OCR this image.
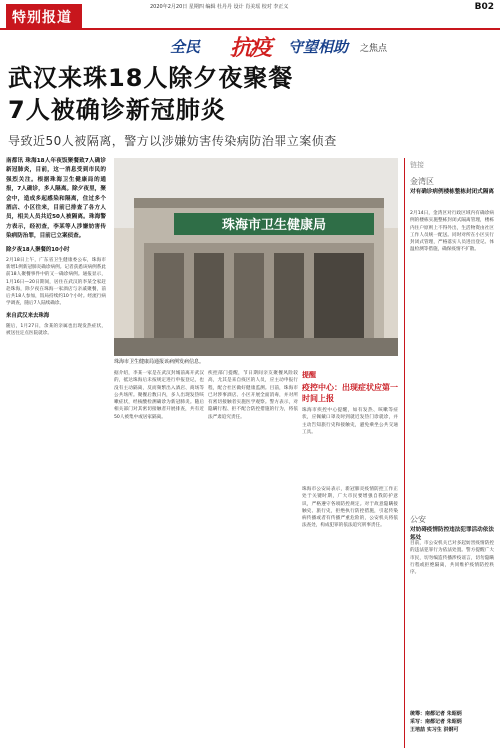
特别报道
2020年2月20日 星期四 编辑 杜丹丹 设计 肖美瑶 校对 李正义	B02
全民 抗疫 守望相助 之焦点
武汉来珠18人除夕夜聚餐
7人被确诊新冠肺炎
导致近50人被隔离，警方以涉嫌妨害传染病防治罪立案侦查
南都讯 珠海18人年夜饭聚餐致7人确诊新冠肺炎，目前，这一消息受到市民的强烈关注。根据珠海卫生健康局的通报，7人确诊，多人隔离。除夕夜里，聚会中，造成多起感染和隔离，住过多个酒店、小区往来，目前已排查了各方人员，相关人员共近50人被隔离。珠海警方表示，经初查，李某等人涉嫌妨害传染病防治罪，目前已立案侦查。
除夕夜18人聚餐的10小时
2月18日上午，广东省卫生健康委公布，珠海市新增1例新冠肺炎确诊病例。记者获悉该病例系此前18人聚餐事件中的又一确诊病例。通报显示，1月16日—20日期间，居住在武汉的李某全家赶赴珠海，除夕夜在珠海一家酒店与亲戚聚餐，前后共18人参加，饭局持续约10个小时。经流行病学调查，随后7人陆续确诊。
来自武汉来去珠海
随后，1月27日，余某的亲属也出现发热症状，被送往定点医院就诊。
珠海市卫生健康局
珠海市卫生健康局通报该病例发病信息。
据介绍，李某一家是在武汉封城前离开武汉的，抵达珠海后未按规定进行申报登记，也没有主动隔离，反而频繁出入酒店、商场等公共场所。聚餐后数日内，多人出现发热咳嗽症状，经核酸检测确诊为新冠肺炎。随后相关部门对其密切接触者开展排查，共有近50人被集中或居家隔离。
疾控部门提醒，节日期间亲友聚餐风险较高，尤其是来自疫区的人员，应主动申报行程，配合社区做好健康监测。目前，珠海市已对涉事酒店、小区开展全面消毒，并对所有密切接触者实施医学观察。警方表示，对隐瞒行程、拒不配合防控措施的行为，将依法严肃追究责任。
提醒
疫控中心：出现症状应第一时间上报
珠海市疾控中心提醒，如有发热、咳嗽等症状，应佩戴口罩及时到就近发热门诊就诊，并主动告知旅行史和接触史，避免乘坐公共交通工具。
珠海市公安局表示，新冠肺炎疫情防控工作正处于关键时期，广大市民要增强自我防护意识，严格遵守各项防控规定。对于故意隐瞒接触史、旅行史，拒绝执行防控措施，引起传染病传播或者有传播严重危险的，公安机关将依法查处，构成犯罪的依法追究刑事责任。
链接
金湾区
对有确诊病例楼栋整栋封闭式隔离
2月14日，金湾区对行政区域内有确诊病例的楼栋实施整栋封闭式隔离管理，楼栋内住户原则上不得外出，生活物资由社区工作人员统一配送。同时对所在小区实行封闭式管理，严格落实人员进出登记、体温检测等措施，确保疫情不扩散。
公安
对妨碍疫情防控违法犯罪活动依法惩处
目前，市公安机关已对多起妨害疫情防控的违法犯罪行为依法处置。警方提醒广大市民，切勿编造传播涉疫谣言，切勿隐瞒行程或拒绝隔离，共同维护疫情防控秩序。
统筹：南都记者 朱昭炳
采写：南都记者 朱昭炳
王培喆 实习生 洪钢可
